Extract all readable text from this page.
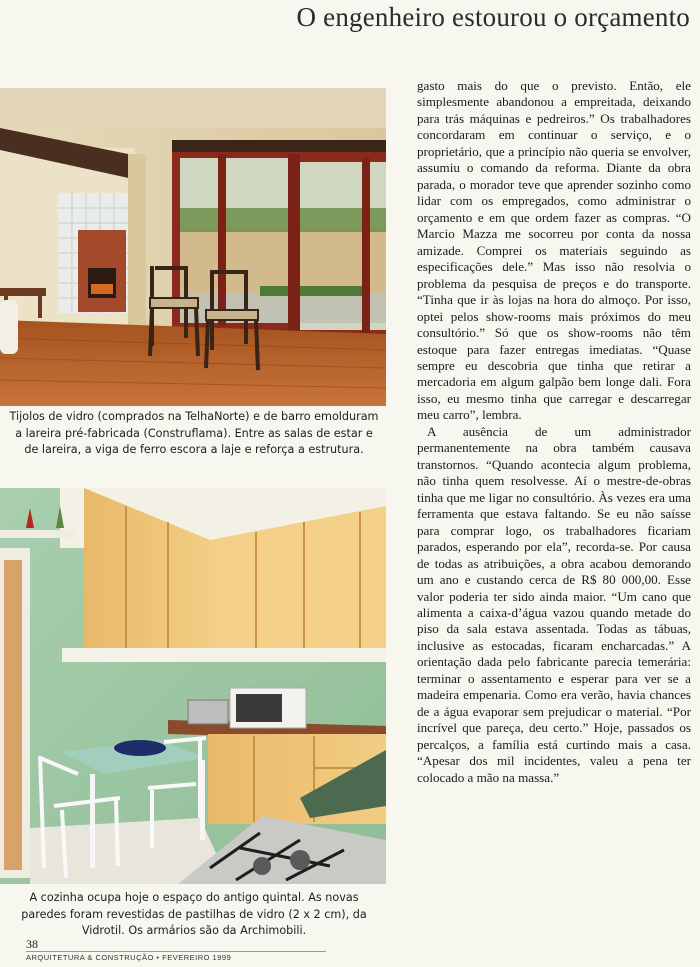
O engenheiro estourou o orçamento

Tijolos de vidro (comprados na TelhaNorte) e de barro emolduram a lareira pré-fabricada (Construflama). Entre as salas de estar e de lareira, a viga de ferro escora a laje e reforça a estrutura.

A cozinha ocupa hoje o espaço do antigo quintal. As novas paredes foram revestidas de pastilhas de vidro (2 x 2 cm), da Vidrotil. Os armários são da Archimobili.

gasto mais do que o previsto. Então, ele simplesmente abandonou a empreitada, deixando para trás máquinas e pedreiros.” Os trabalhadores concordaram em continuar o serviço, e o proprietário, que a princípio não queria se envolver, assumiu o comando da reforma. Diante da obra parada, o morador teve que aprender sozinho como lidar com os empregados, como administrar o orçamento e em que ordem fazer as compras. “O Marcio Mazza me socorreu por conta da nossa amizade. Comprei os materiais seguindo as especificações dele.” Mas isso não resolvia o problema da pesquisa de preços e do transporte. “Tinha que ir às lojas na hora do almoço. Por isso, optei pelos show-rooms mais próximos do meu consultório.” Só que os show-rooms não têm estoque para fazer entregas imediatas. “Quase sempre eu descobria que tinha que retirar a mercadoria em algum galpão bem longe dali. Fora isso, eu mesmo tinha que carregar e descarregar meu carro”, lembra.

A ausência de um administrador permanentemente na obra também causava transtornos. “Quando acontecia algum problema, não tinha quem resolvesse. Aí o mestre-de-obras tinha que me ligar no consultório. Às vezes era uma ferramenta que estava faltando. Se eu não saísse para comprar logo, os trabalhadores ficariam parados, esperando por ela”, recorda-se. Por causa de todas as atribuições, a obra acabou demorando um ano e custando cerca de R$ 80 000,00. Esse valor poderia ter sido ainda maior. “Um cano que alimenta a caixa-d’água vazou quando metade do piso da sala estava assentada. Todas as tábuas, inclusive as estocadas, ficaram encharcadas.” A orientação dada pelo fabricante parecia temerária: terminar o assentamento e esperar para ver se a madeira empenaria. Como era verão, havia chances de a água evaporar sem prejudicar o material. “Por incrível que pareça, deu certo.” Hoje, passados os percalços, a família está curtindo mais a casa. “Apesar dos mil incidentes, valeu a pena ter colocado a mão na massa.”

38
ARQUITETURA & CONSTRUÇÃO • FEVEREIRO 1999
